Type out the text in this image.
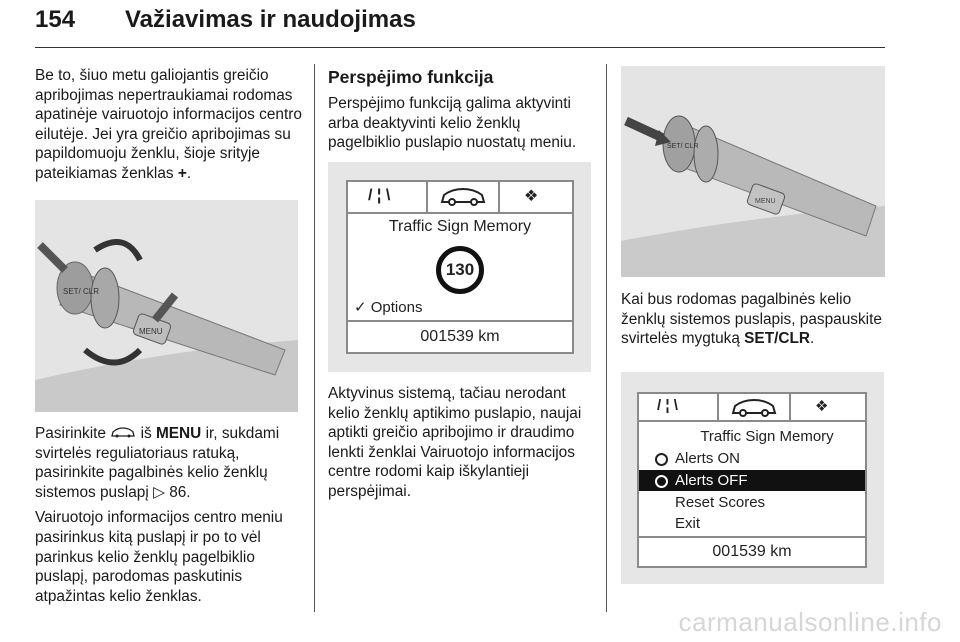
154 Važiavimas ir naudojimas

Be to, šiuo metu galiojantis greičio apribojimas nepertraukiamai rodomas apatinėje vairuotojo informacijos centro eilutėje. Jei yra greičio apribojimas su papildomuoju ženklu, šioje srityje pateikiamas ženklas +.

SET/ CLR
MENU

Pasirinkite iš MENU ir, sukdami svirtelės reguliatoriaus ratuką, pasirinkite pagalbinės kelio ženklų sistemos puslapį ▷ 86.

Vairuotojo informacijos centro meniu pasirinkus kitą puslapį ir po to vėl parinkus kelio ženklų pagelbiklio puslapį, parodomas paskutinis atpažintas kelio ženklas.

Perspėjimo funkcija

Perspėjimo funkciją galima aktyvinti arba deaktyvinti kelio ženklų pagelbiklio puslapio nuostatų meniu.

/ ¦ \	❖
Traffic Sign Memory
130
✓ Options
001539 km

Aktyvinus sistemą, tačiau nerodant kelio ženklų aptikimo puslapio, naujai aptikti greičio apribojimo ir draudimo lenkti ženklai Vairuotojo informacijos centre rodomi kaip iškylantieji perspėjimai.

SET/ CLR
MENU

Kai bus rodomas pagalbinės kelio ženklų sistemos puslapis, paspauskite svirtelės mygtuką SET/CLR.

/ ¦ \	❖
Traffic Sign Memory
Alerts ON
Alerts OFF
Reset Scores
Exit
001539 km
carmanualsonline.info
